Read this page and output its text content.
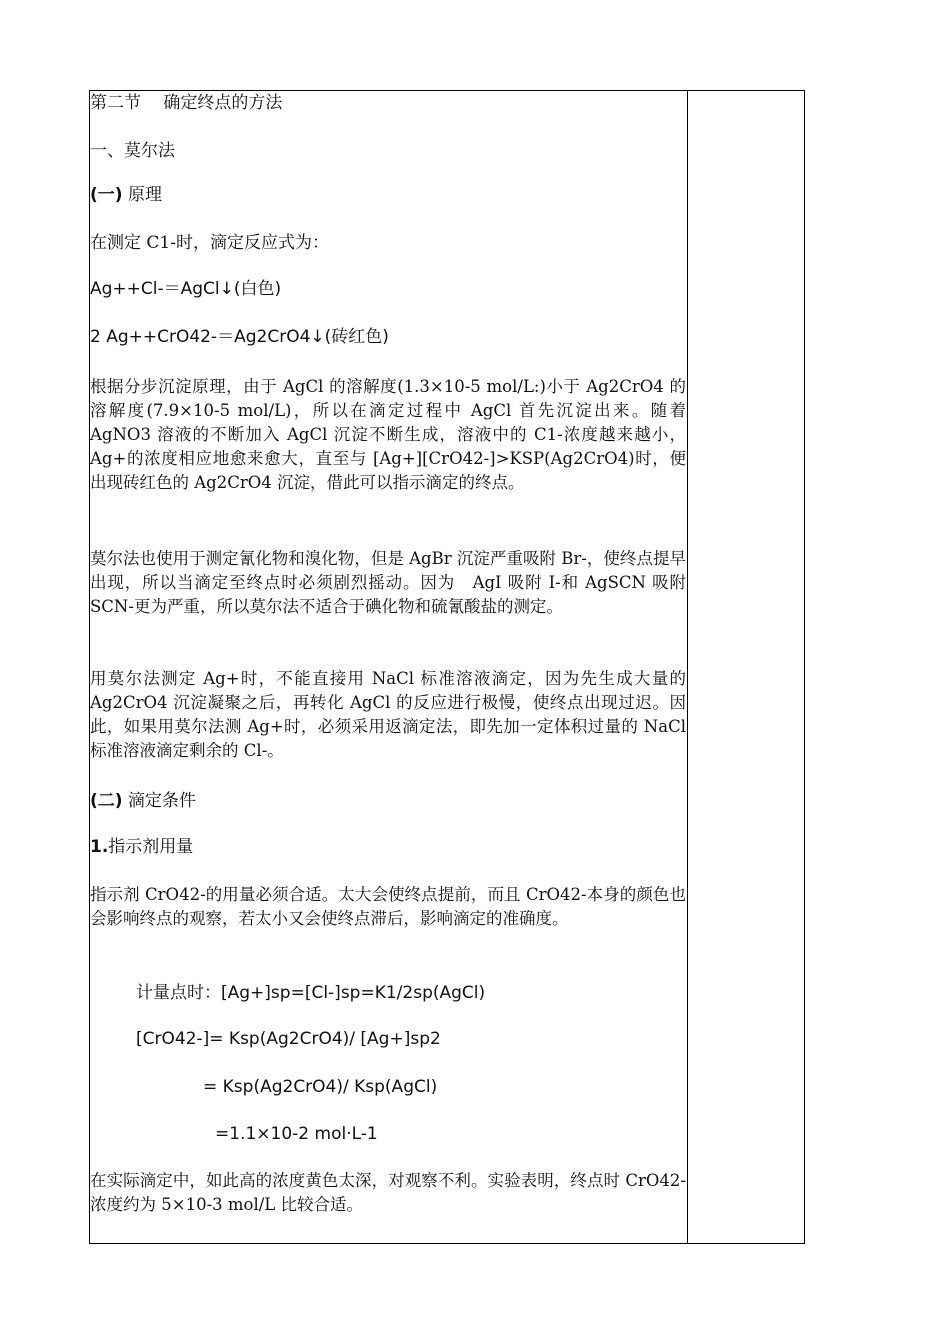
第二节　 确定终点的方法
一、莫尔法
(一) 原理
在测定 C1-时，滴定反应式为：
Ag++Cl-＝AgCl↓(白色)
2 Ag++CrO42-＝Ag2CrO4↓(砖红色)
根据分步沉淀原理，由于 AgCl 的溶解度(1.3×10-5 mol/L:)小于 Ag2CrO4 的溶解度(7.9×10-5 mol/L)，所以在滴定过程中 AgCl 首先沉淀出来。随着 AgNO3 溶液的不断加入 AgCl 沉淀不断生成，溶液中的 C1-浓度越来越小，Ag+的浓度相应地愈来愈大，直至与 [Ag+][CrO42-]>KSP(Ag2CrO4)时，便出现砖红色的 Ag2CrO4 沉淀，借此可以指示滴定的终点。
莫尔法也使用于测定氰化物和溴化物，但是 AgBr 沉淀严重吸附 Br-，使终点提早出现，所以当滴定至终点时必须剧烈摇动。因为　AgI 吸附 I-和 AgSCN 吸附 SCN-更为严重，所以莫尔法不适合于碘化物和硫氰酸盐的测定。
用莫尔法测定 Ag+时，不能直接用 NaCl 标准溶液滴定，因为先生成大量的 Ag2CrO4 沉淀凝聚之后，再转化 AgCl 的反应进行极慢，使终点出现过迟。因此，如果用莫尔法测 Ag+时，必须采用返滴定法，即先加一定体积过量的 NaCl 标准溶液滴定剩余的 Cl-。
(二) 滴定条件
1.指示剂用量
指示剂 CrO42-的用量必须合适。太大会使终点提前，而且 CrO42-本身的颜色也会影响终点的观察，若太小又会使终点滞后，影响滴定的准确度。
计量点时：[Ag+]sp=[Cl-]sp=K1/2sp(AgCl)
[CrO42-]= Ksp(Ag2CrO4)/ [Ag+]sp2
= Ksp(Ag2CrO4)/ Ksp(AgCl)
=1.1×10-2 mol·L-1
在实际滴定中，如此高的浓度黄色太深，对观察不利。实验表明，终点时 CrO42-浓度约为 5×10-3 mol/L 比较合适。
